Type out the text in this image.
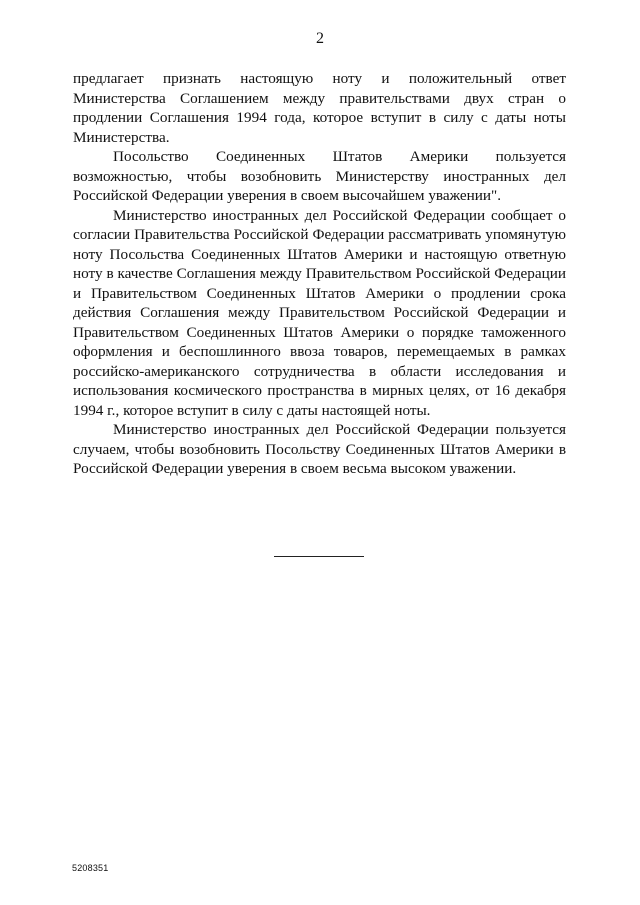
2

предлагает признать настоящую ноту и положительный ответ Министерства Соглашением между правительствами двух стран о продлении Соглашения 1994 года, которое вступит в силу с даты ноты Министерства.

Посольство Соединенных Штатов Америки пользуется возможностью, чтобы возобновить Министерству иностранных дел Российской Федерации уверения в своем высочайшем уважении".

Министерство иностранных дел Российской Федерации сообщает о согласии Правительства Российской Федерации рассматривать упомянутую ноту Посольства Соединенных Штатов Америки и настоящую ответную ноту в качестве Соглашения между Правительством Российской Федерации и Правительством Соединенных Штатов Америки о продлении срока действия Соглашения между Правительством Российской Федерации и Правительством Соединенных Штатов Америки о порядке таможенного оформления и беспошлинного ввоза товаров, перемещаемых в рамках российско-американского сотрудничества в области исследования и использования космического пространства в мирных целях, от 16 декабря 1994 г., которое вступит в силу с даты настоящей ноты.

Министерство иностранных дел Российской Федерации пользуется случаем, чтобы возобновить Посольству Соединенных Штатов Америки в Российской Федерации уверения в своем весьма высоком уважении.

5208351
